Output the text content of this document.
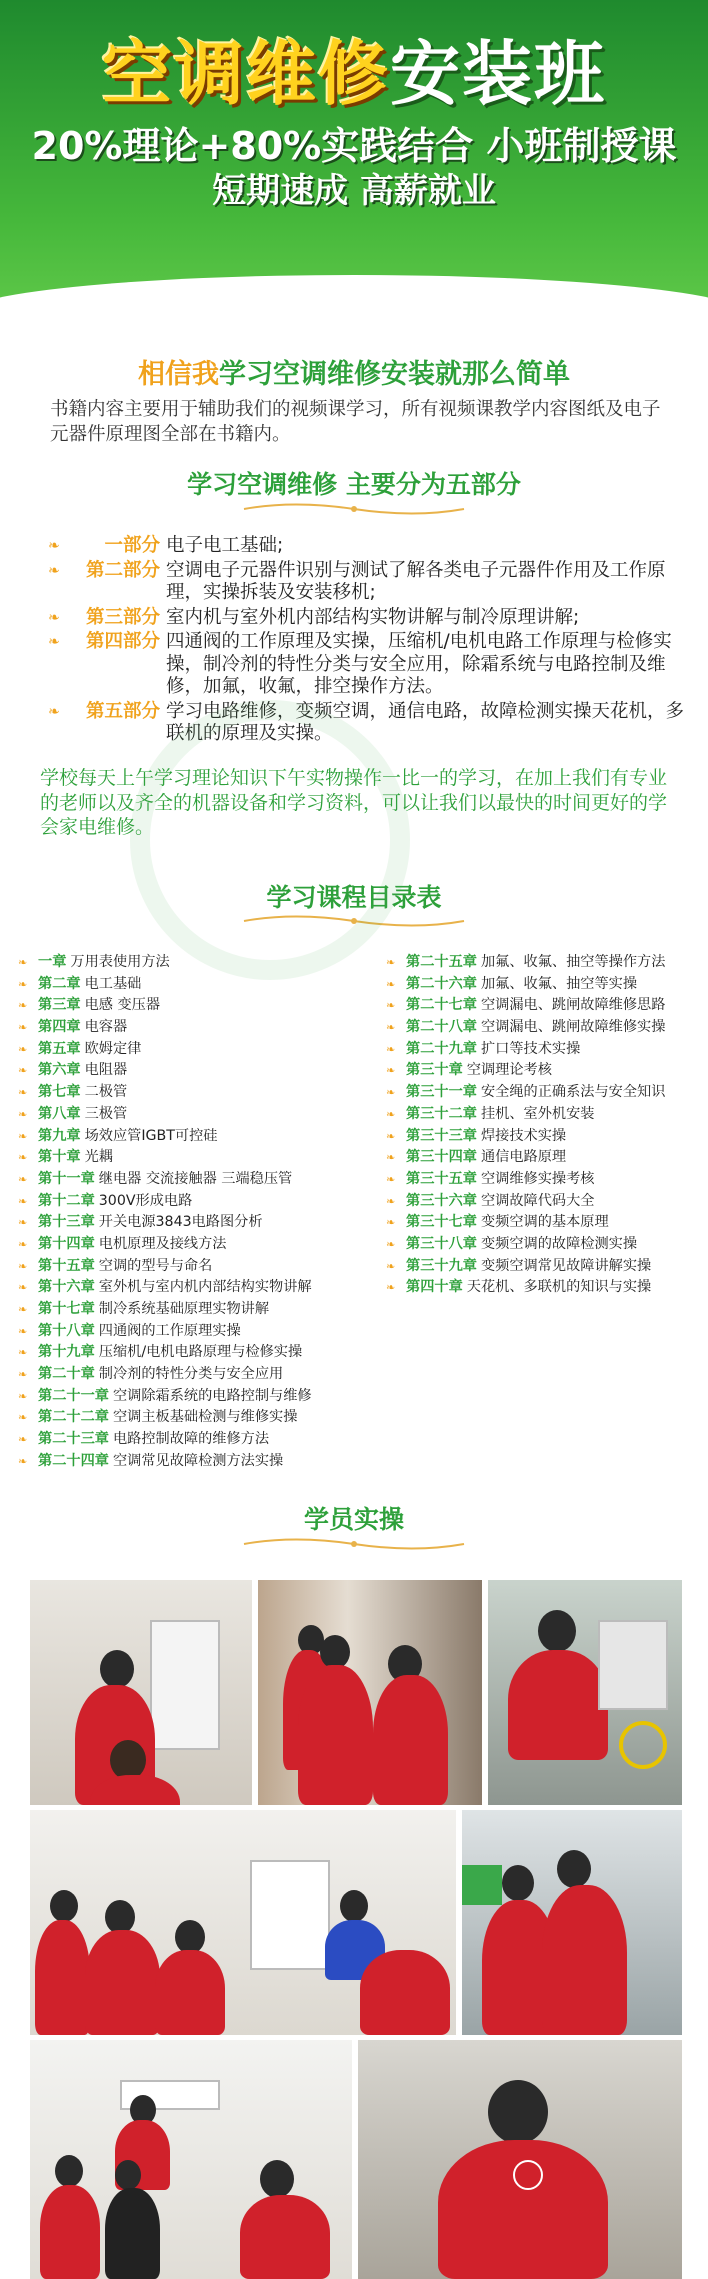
空调维修安装班
20%理论+80%实践结合 小班制授课
短期速成 高薪就业
相信我学习空调维修安装就那么简单
书籍内容主要用于辅助我们的视频课学习，所有视频课教学内容图纸及电子元器件原理图全部在书籍内。
学习空调维修 主要分为五部分
❧	一部分 电子电工基础;
❧	第二部分 空调电子元器件识别与测试了解各类电子元器件作用及工作原理，实操拆装及安装移机;
❧	第三部分 室内机与室外机内部结构实物讲解与制冷原理讲解;
❧	第四部分 四通阀的工作原理及实操，压缩机/电机电路工作原理与检修实操，制冷剂的特性分类与安全应用，除霜系统与电路控制及维修，加氟，收氟，排空操作方法。
❧	第五部分 学习电路维修，变频空调，通信电路，故障检测实操天花机，多联机的原理及实操。
学校每天上午学习理论知识下午实物操作一比一的学习，在加上我们有专业的老师以及齐全的机器设备和学习资料，可以让我们以最快的时间更好的学会家电维修。
学习课程目录表
❧ 一章 万用表使用方法
❧ 第二章 电工基础
❧ 第三章 电感 变压器
❧ 第四章 电容器
❧ 第五章 欧姆定律
❧ 第六章 电阻器
❧ 第七章 二极管
❧ 第八章 三极管
❧ 第九章 场效应管IGBT可控硅
❧ 第十章 光耦
❧ 第十一章 继电器 交流接触器 三端稳压管
❧ 第十二章 300V形成电路
❧ 第十三章 开关电源3843电路图分析
❧ 第十四章 电机原理及接线方法
❧ 第十五章 空调的型号与命名
❧ 第十六章 室外机与室内机内部结构实物讲解
❧ 第十七章 制冷系统基础原理实物讲解
❧ 第十八章 四通阀的工作原理实操
❧ 第十九章 压缩机/电机电路原理与检修实操
❧ 第二十章 制冷剂的特性分类与安全应用
❧ 第二十一章 空调除霜系统的电路控制与维修
❧ 第二十二章 空调主板基础检测与维修实操
❧ 第二十三章 电路控制故障的维修方法
❧ 第二十四章 空调常见故障检测方法实操
❧ 第二十五章 加氟、收氟、抽空等操作方法
❧ 第二十六章 加氟、收氟、抽空等实操
❧ 第二十七章 空调漏电、跳闸故障维修思路
❧ 第二十八章 空调漏电、跳闸故障维修实操
❧ 第二十九章 扩口等技术实操
❧ 第三十章 空调理论考核
❧ 第三十一章 安全绳的正确系法与安全知识
❧ 第三十二章 挂机、室外机安装
❧ 第三十三章 焊接技术实操
❧ 第三十四章 通信电路原理
❧ 第三十五章 空调维修实操考核
❧ 第三十六章 空调故障代码大全
❧ 第三十七章 变频空调的基本原理
❧ 第三十八章 变频空调的故障检测实操
❧ 第三十九章 变频空调常见故障讲解实操
❧ 第四十章 天花机、多联机的知识与实操
学员实操
